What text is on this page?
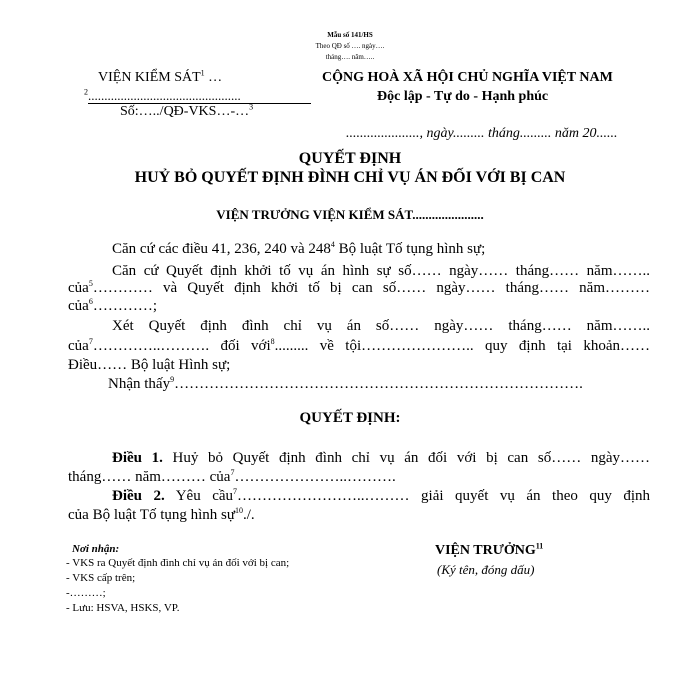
Mẫu số 141/HS
Theo QĐ số …. ngày….
tháng…. năm…..
VIỆN KIỂM SÁT$^1$ …
$^2$...............................................
Số:…../QĐ-VKS…-…$^3$
CỘNG HOÀ XÃ HỘI CHỦ NGHĨA VIỆT NAM
Độc lập - Tự do - Hạnh phúc
....................., ngày......... tháng......... năm 20......
QUYẾT ĐỊNH
HUỶ BỎ QUYẾT ĐỊNH ĐÌNH CHỈ VỤ ÁN ĐỐI VỚI BỊ CAN
VIỆN TRƯỞNG VIỆN KIỂM SÁT......................
Căn cứ các điều 41, 236, 240 và $248^4$ Bộ luật Tố tụng hình sự;
Căn cứ Quyết định khởi tố vụ án hình sự số…… ngày…… tháng…… năm……..
của$^5$………… và Quyết định khởi tố bị can số…… ngày…… tháng…… năm………
của$^6$…………;
Xét Quyết định đình chỉ vụ án số…… ngày…… tháng…… năm……..
của$^7$…………..………. đối với$^8$......... về tội………………….. quy định tại khoản……
Điều…… Bộ luật Hình sự;
Nhận thấy$^9$……………………………………………………………………….
QUYẾT ĐỊNH:
Điều 1. Huỷ bỏ Quyết định đình chỉ vụ án đối với bị can số…… ngày……
tháng…… năm……… của$^7$…………………..……….
Điều 2. Yêu cầu$^7$……………………..……… giải quyết vụ án theo quy định
của Bộ luật Tố tụng hình sự$^{10}$./.
Nơi nhận:
- VKS ra Quyết định đình chỉ vụ án đối với bị can;
- VKS cấp trên;
-………;
- Lưu: HSVA, HSKS, VP.
VIỆN TRƯỞNG$^{11}$
(Ký tên, đóng dấu)
